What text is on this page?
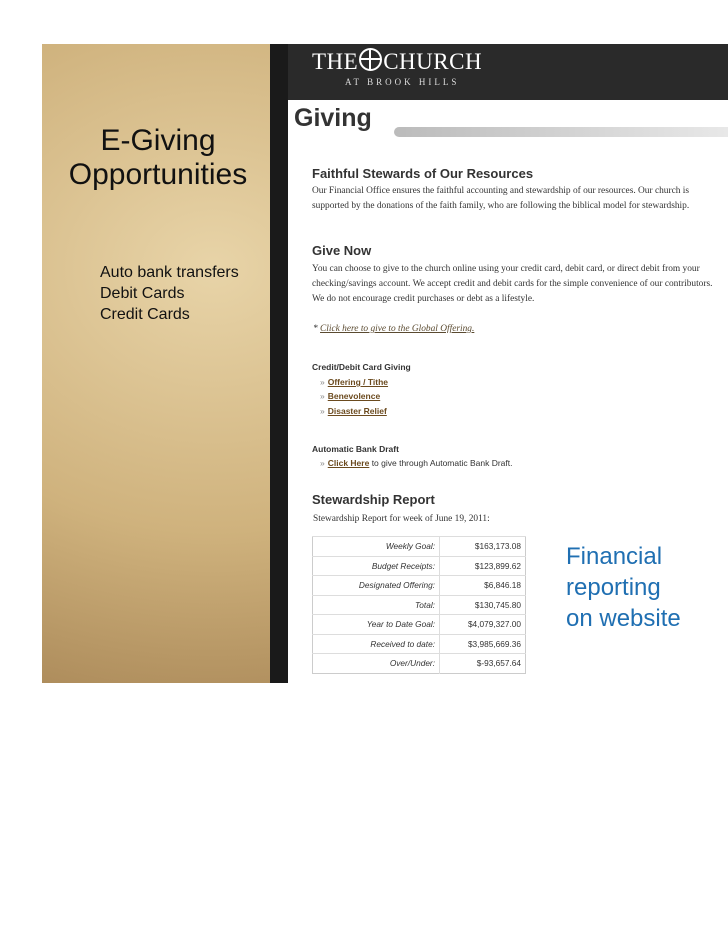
E-Giving
Opportunities
Auto bank transfers
Debit Cards
Credit Cards
THE CHURCH
AT BROOK HILLS
Giving
Faithful Stewards of Our Resources
Our Financial Office ensures the faithful accounting and stewardship of our resources. Our church is
supported by the donations of the faith family, who are following the biblical model for stewardship.
Give Now
You can choose to give to the church online using your credit card, debit card, or direct debit from your
checking/savings account. We accept credit and debit cards for the simple convenience of our contributors.
We do not encourage credit purchases or debt as a lifestyle.
* Click here to give to the Global Offering.
Credit/Debit Card Giving
» Offering / Tithe
» Benevolence
» Disaster Relief
Automatic Bank Draft
» Click Here to give through Automatic Bank Draft.
Stewardship Report
Stewardship Report for week of June 19, 2011:
Weekly Goal:	$163,173.08
Budget Receipts:	$123,899.62
Designated Offering:	$6,846.18
Total:	$130,745.80
Year to Date Goal:	$4,079,327.00
Received to date:	$3,985,669.36
Over/Under:	$-93,657.64
Financial
reporting
on website
